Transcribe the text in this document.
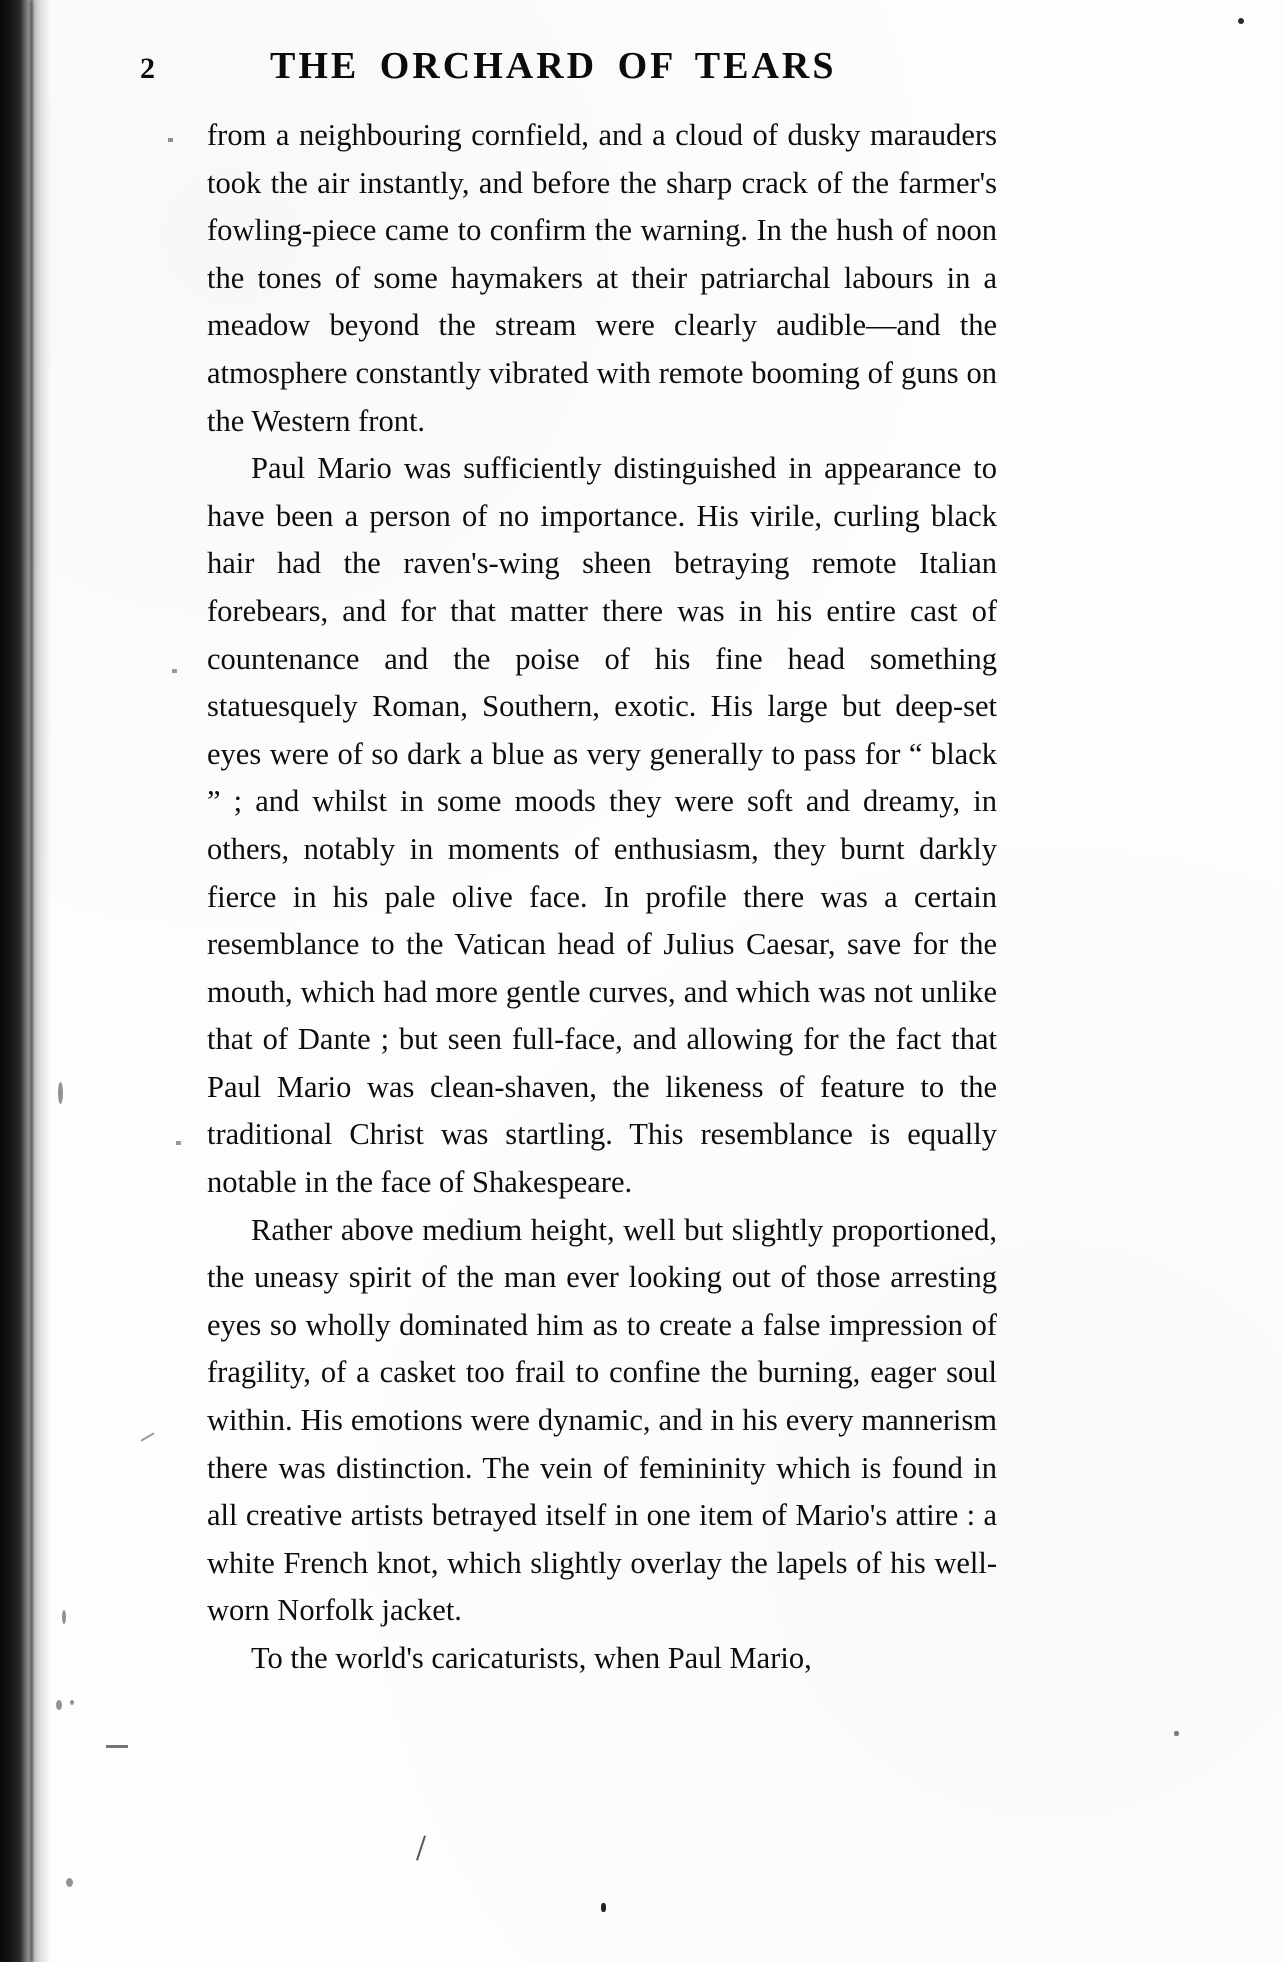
2	THE ORCHARD OF TEARS

from a neighbouring cornfield, and a cloud of dusky marauders took the air instantly, and before the sharp crack of the farmer's fowling-piece came to confirm the warning. In the hush of noon the tones of some haymakers at their patriarchal labours in a meadow beyond the stream were clearly audible—and the atmosphere constantly vibrated with remote booming of guns on the Western front.

Paul Mario was sufficiently distinguished in appearance to have been a person of no importance. His virile, curling black hair had the raven's-wing sheen betraying remote Italian forebears, and for that matter there was in his entire cast of countenance and the poise of his fine head something statuesquely Roman, Southern, exotic. His large but deep-set eyes were of so dark a blue as very generally to pass for “ black ” ; and whilst in some moods they were soft and dreamy, in others, notably in moments of enthusiasm, they burnt darkly fierce in his pale olive face. In profile there was a certain resemblance to the Vatican head of Julius Caesar, save for the mouth, which had more gentle curves, and which was not unlike that of Dante ; but seen full-face, and allowing for the fact that Paul Mario was clean-shaven, the likeness of feature to the traditional Christ was startling. This resemblance is equally notable in the face of Shakespeare.

Rather above medium height, well but slightly proportioned, the uneasy spirit of the man ever looking out of those arresting eyes so wholly dominated him as to create a false impression of fragility, of a casket too frail to confine the burning, eager soul within. His emotions were dynamic, and in his every mannerism there was distinction. The vein of femininity which is found in all creative artists betrayed itself in one item of Mario's attire : a white French knot, which slightly overlay the lapels of his well-worn Norfolk jacket.

To the world's caricaturists, when Paul Mario,
